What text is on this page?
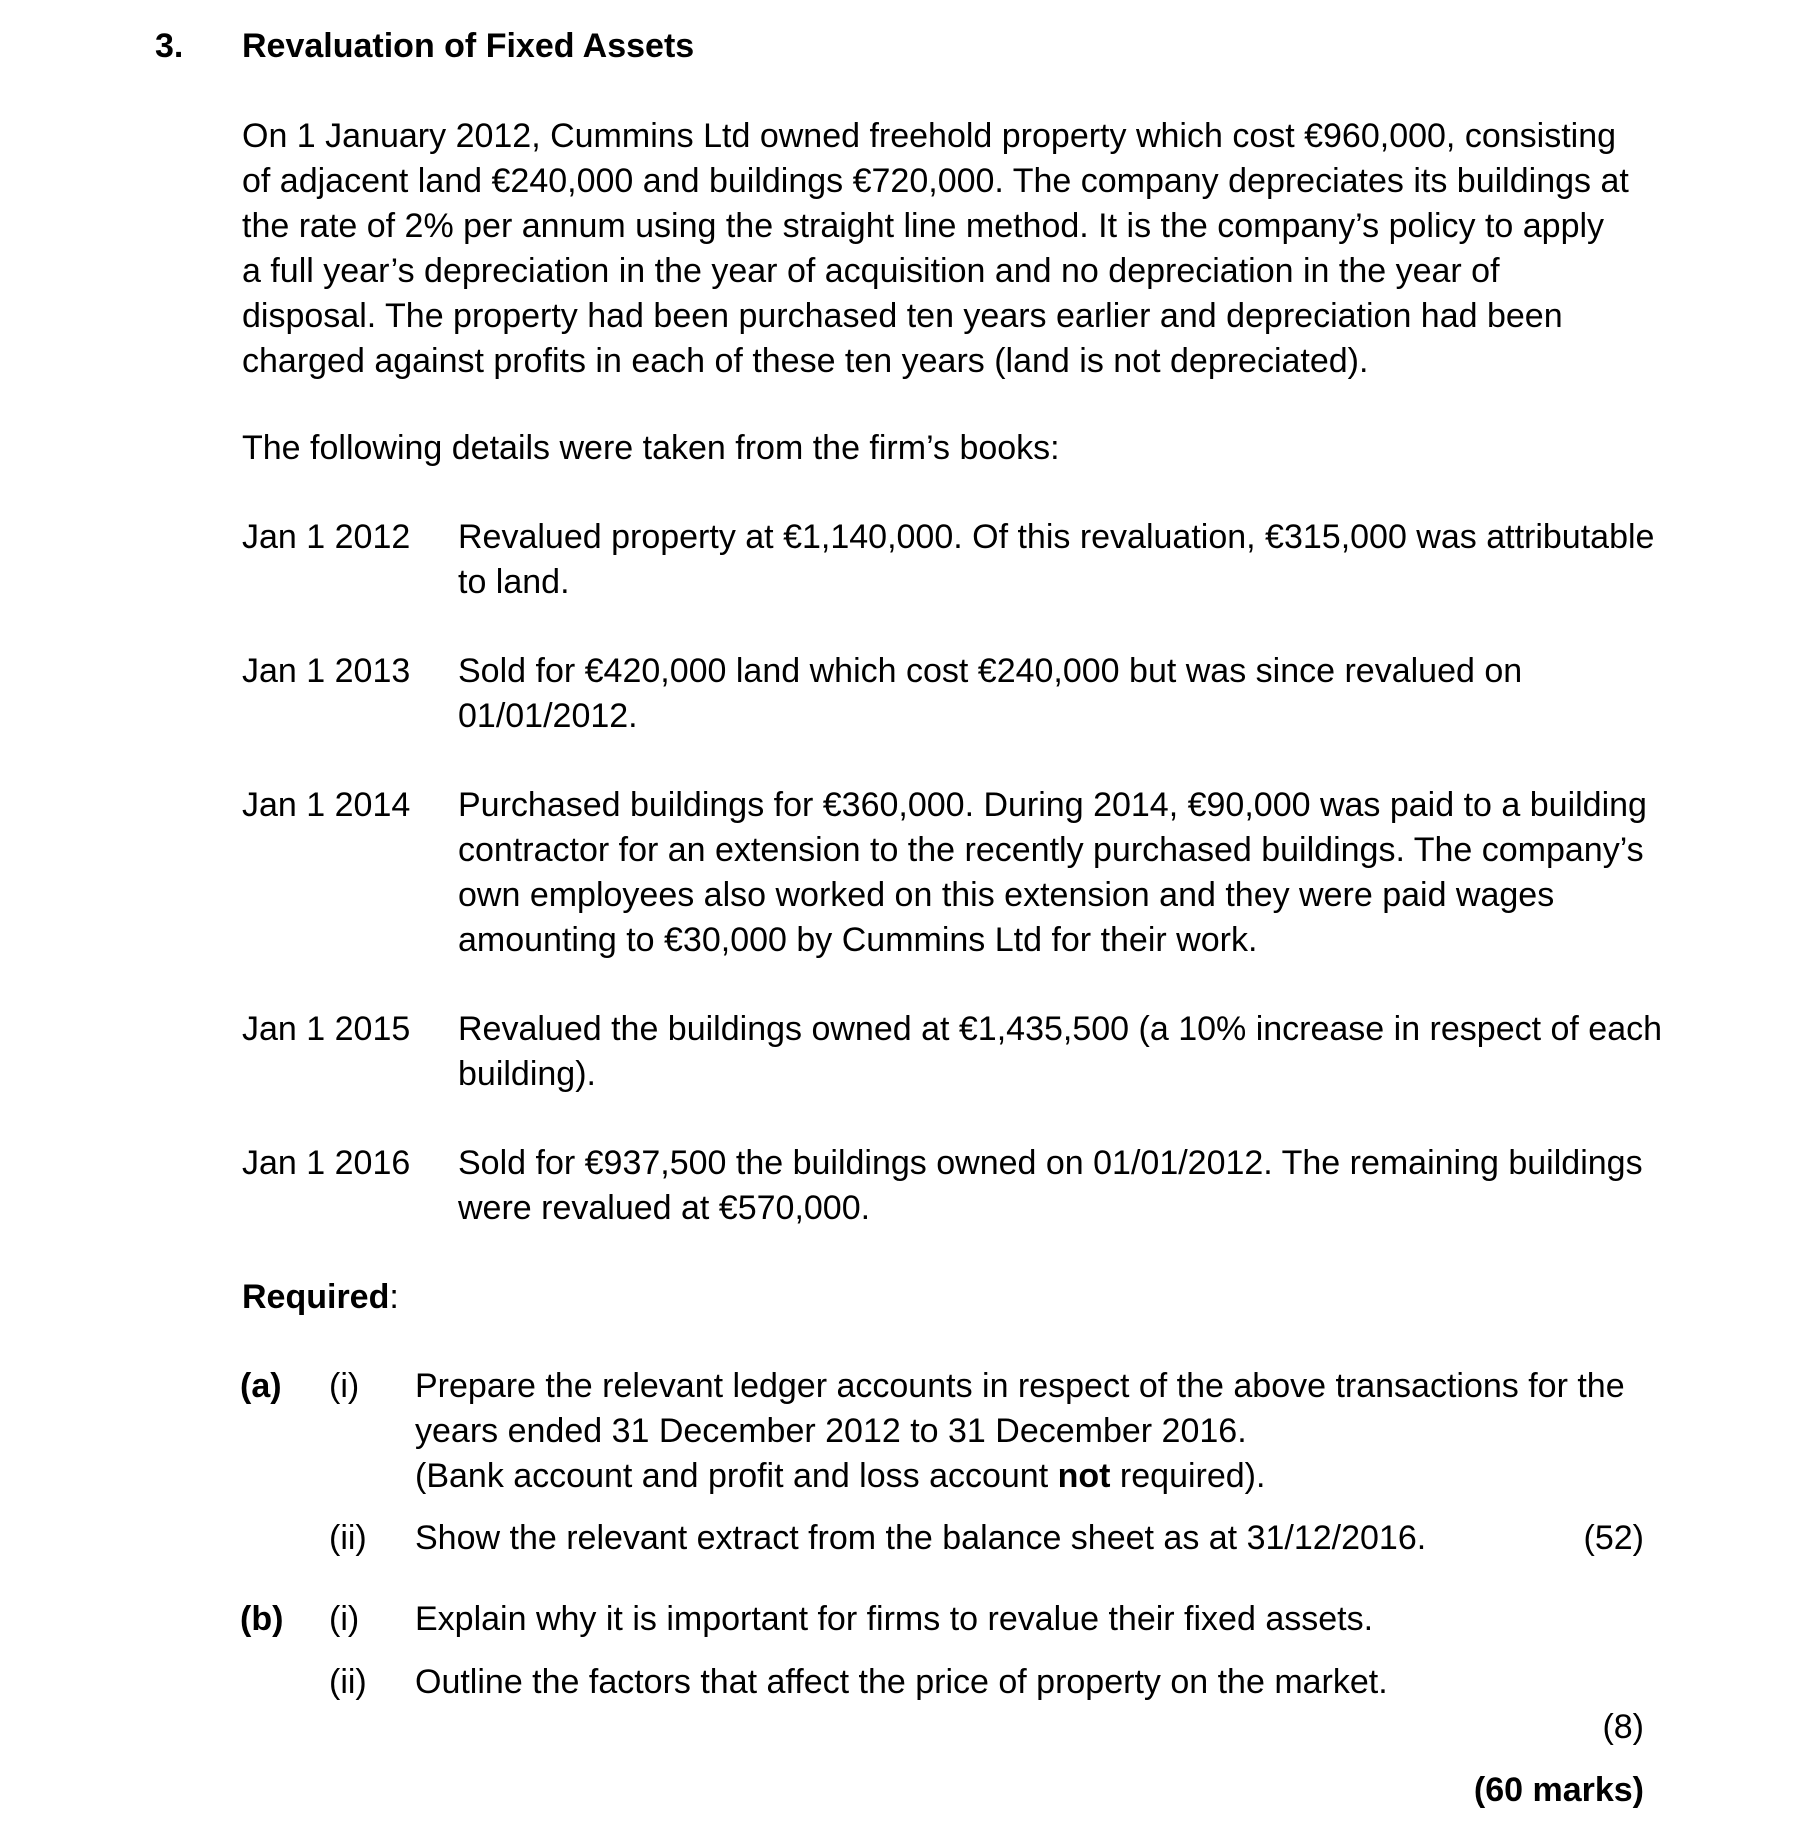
3. Revaluation of Fixed Assets
On 1 January 2012, Cummins Ltd owned freehold property which cost €960,000, consisting
of adjacent land €240,000 and buildings €720,000. The company depreciates its buildings at
the rate of 2% per annum using the straight line method. It is the company’s policy to apply
a full year’s depreciation in the year of acquisition and no depreciation in the year of
disposal. The property had been purchased ten years earlier and depreciation had been
charged against profits in each of these ten years (land is not depreciated).
The following details were taken from the firm’s books:
Jan 1 2012 Revalued property at €1,140,000. Of this revaluation, €315,000 was attributable
to land.
Jan 1 2013 Sold for €420,000 land which cost €240,000 but was since revalued on
01/01/2012.
Jan 1 2014 Purchased buildings for €360,000. During 2014, €90,000 was paid to a building
contractor for an extension to the recently purchased buildings. The company’s
own employees also worked on this extension and they were paid wages
amounting to €30,000 by Cummins Ltd for their work.
Jan 1 2015 Revalued the buildings owned at €1,435,500 (a 10% increase in respect of each
building).
Jan 1 2016 Sold for €937,500 the buildings owned on 01/01/2012. The remaining buildings
were revalued at €570,000.
Required:
(a) (i) Prepare the relevant ledger accounts in respect of the above transactions for the
years ended 31 December 2012 to 31 December 2016.
(Bank account and profit and loss account not required).
(ii) Show the relevant extract from the balance sheet as at 31/12/2016.	(52)
(b) (i) Explain why it is important for firms to revalue their fixed assets.
(ii) Outline the factors that affect the price of property on the market.
(8)
(60 marks)
